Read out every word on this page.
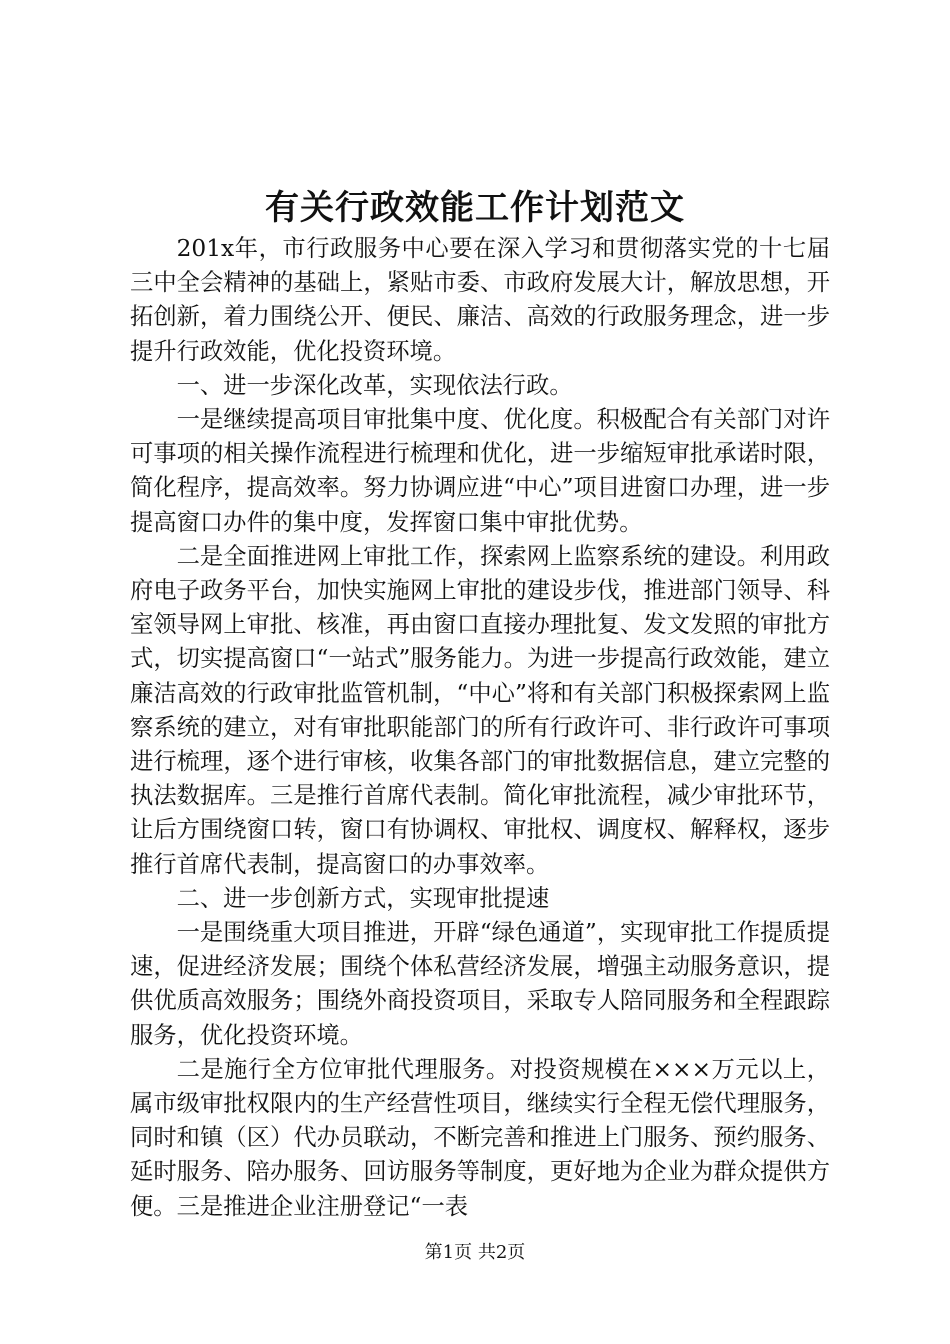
有关行政效能工作计划范文

201x年，市行政服务中心要在深入学习和贯彻落实党的十七届三中全会精神的基础上，紧贴市委、市政府发展大计，解放思想，开拓创新，着力围绕公开、便民、廉洁、高效的行政服务理念，进一步提升行政效能，优化投资环境。

一、进一步深化改革，实现依法行政。

一是继续提高项目审批集中度、优化度。积极配合有关部门对许可事项的相关操作流程进行梳理和优化，进一步缩短审批承诺时限，简化程序，提高效率。努力协调应进“中心”项目进窗口办理，进一步提高窗口办件的集中度，发挥窗口集中审批优势。

二是全面推进网上审批工作，探索网上监察系统的建设。利用政府电子政务平台，加快实施网上审批的建设步伐，推进部门领导、科室领导网上审批、核准，再由窗口直接办理批复、发文发照的审批方式，切实提高窗口“一站式”服务能力。为进一步提高行政效能，建立廉洁高效的行政审批监管机制，“中心”将和有关部门积极探索网上监察系统的建立，对有审批职能部门的所有行政许可、非行政许可事项进行梳理，逐个进行审核，收集各部门的审批数据信息，建立完整的执法数据库。三是推行首席代表制。简化审批流程，减少审批环节，让后方围绕窗口转，窗口有协调权、审批权、调度权、解释权，逐步推行首席代表制，提高窗口的办事效率。

二、进一步创新方式，实现审批提速

一是围绕重大项目推进，开辟“绿色通道”，实现审批工作提质提速，促进经济发展；围绕个体私营经济发展，增强主动服务意识，提供优质高效服务；围绕外商投资项目，采取专人陪同服务和全程跟踪服务，优化投资环境。

二是施行全方位审批代理服务。对投资规模在×××万元以上，属市级审批权限内的生产经营性项目，继续实行全程无偿代理服务，同时和镇（区）代办员联动，不断完善和推进上门服务、预约服务、延时服务、陪办服务、回访服务等制度，更好地为企业为群众提供方便。三是推进企业注册登记“一表

第1页 共2页
